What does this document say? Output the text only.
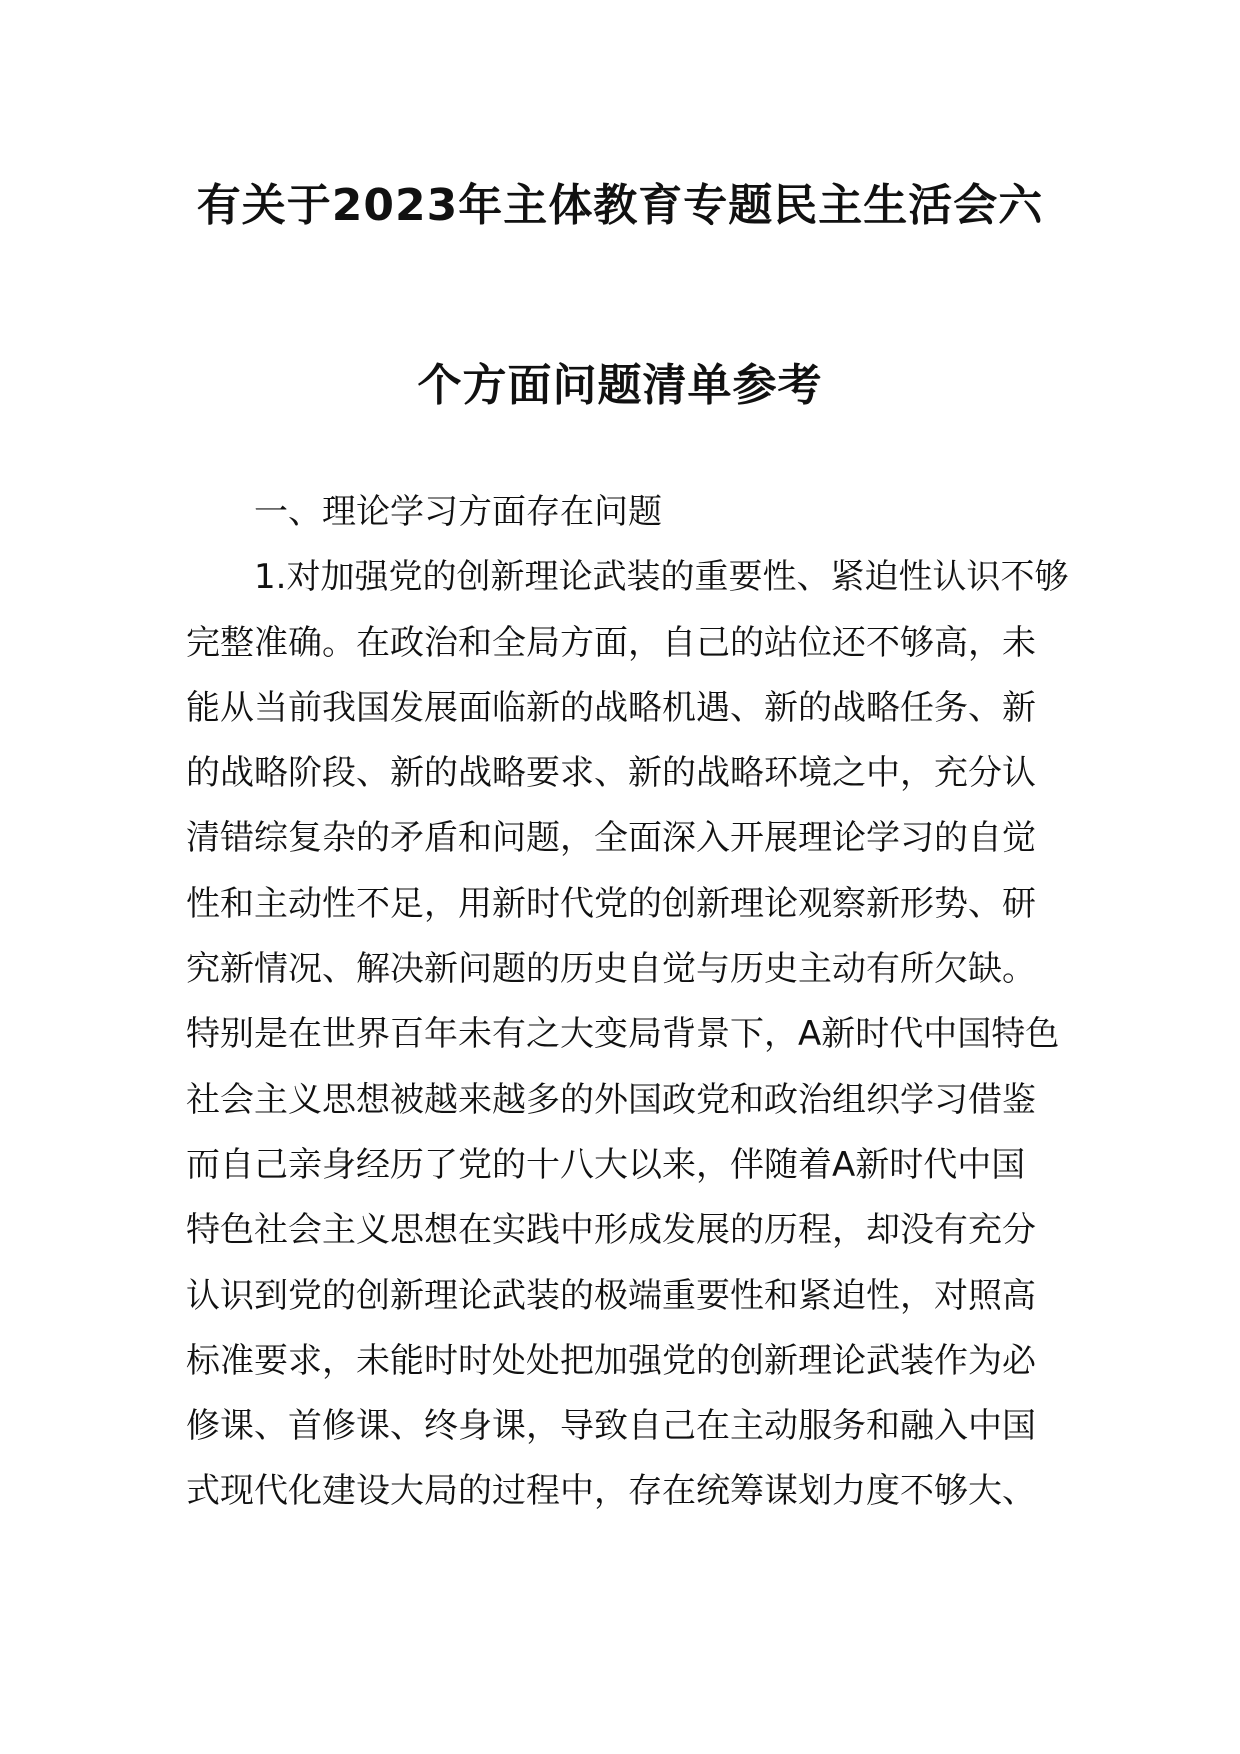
有关于2023年主体教育专题民主生活会六
个方面问题清单参考
一、理论学习方面存在问题
1.对加强党的创新理论武装的重要性、紧迫性认识不够
完整准确。在政治和全局方面，自己的站位还不够高，未
能从当前我国发展面临新的战略机遇、新的战略任务、新
的战略阶段、新的战略要求、新的战略环境之中，充分认
清错综复杂的矛盾和问题，全面深入开展理论学习的自觉
性和主动性不足，用新时代党的创新理论观察新形势、研
究新情况、解决新问题的历史自觉与历史主动有所欠缺。
特别是在世界百年未有之大变局背景下，A新时代中国特色
社会主义思想被越来越多的外国政党和政治组织学习借鉴
而自己亲身经历了党的十八大以来，伴随着A新时代中国
特色社会主义思想在实践中形成发展的历程，却没有充分
认识到党的创新理论武装的极端重要性和紧迫性，对照高
标准要求，未能时时处处把加强党的创新理论武装作为必
修课、首修课、终身课，导致自己在主动服务和融入中国
式现代化建设大局的过程中，存在统筹谋划力度不够大、
